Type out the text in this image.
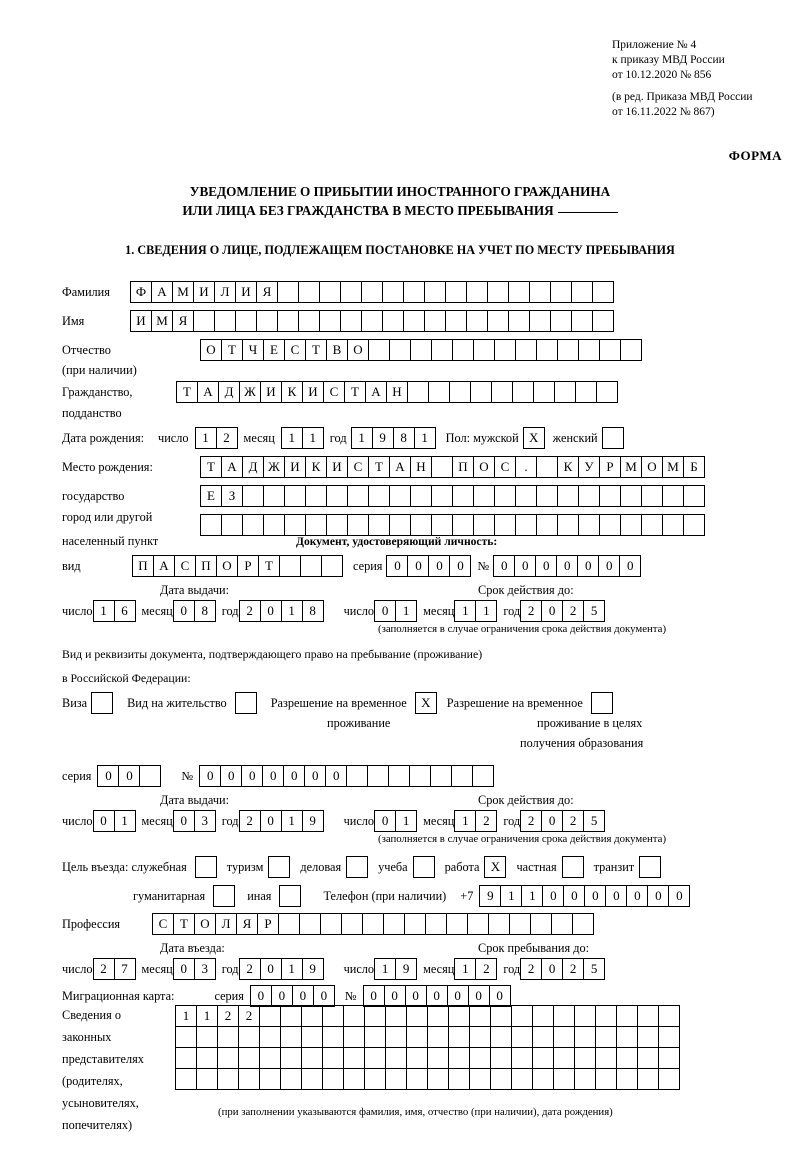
Приложение № 4
к приказу МВД России
от 10.12.2020 № 856
(в ред. Приказа МВД России
от 16.11.2022 № 867)
ФОРМА
УВЕДОМЛЕНИЕ О ПРИБЫТИИ ИНОСТРАННОГО ГРАЖДАНИНА
ИЛИ ЛИЦА БЕЗ ГРАЖДАНСТВА В МЕСТО ПРЕБЫВАНИЯ
1. СВЕДЕНИЯ О ЛИЦЕ, ПОДЛЕЖАЩЕМ ПОСТАНОВКЕ НА УЧЕТ ПО МЕСТУ ПРЕБЫВАНИЯ
Фамилия	Ф А М И Л И Я
Имя	И М Я
Отчество	О Т Ч Е С Т В О
(при наличии)
Гражданство,	Т А Д Ж И К И С Т А Н
подданство
Дата рождения: число	1	2	месяц	1	1	год 1	9	8	1	Пол: мужской Х	женский
Место рождения:	Т А Д Ж И К И С Т А Н	П О С	.	К У Р М О М Б
государство	Е	З
город или другой
населенный пункт	Документ, удостоверяющий личность:
вид	П А С П О Р	Т	серия 0	0	0	0	№ 0	0	0	0	0	0	0
Дата выдачи:	Срок действия до:
число 1	6	месяц 0	8	год 2	0	1	8	число 0	1	месяц 1	1	год 2	0	2	5
(заполняется в случае ограничения срока действия документа)
Вид и реквизиты документа, подтверждающего право на пребывание (проживание)
в Российской Федерации:
Виза	Вид на жительство	Разрешение на временное	Х	Разрешение на временное
проживание	проживание в целях
получения образования
серия	0	0	№	0	0	0	0	0	0	0
Дата выдачи:	Срок действия до:
число 0	1	месяц 0	3	год 2	0	1	9	число 0	1	месяц 1	2	год 2	0	2	5
(заполняется в случае ограничения срока действия документа)
Цель въезда: служебная	туризм	деловая	учеба	работа Х	частная	транзит
гуманитарная	иная	Телефон (при наличии) +7	9	1	1	0	0	0	0	0	0	0
Профессия	С Т О Л Я	Р
Дата въезда:	Срок пребывания до:
число 2	7	месяц 0	3	год 2	0	1	9	число 1	9	месяц 1	2	год 2	0	2	5
Миграционная карта:	серия	0	0	0	0	№	0	0	0	0	0	0	0
Сведения о
законных
представителях
(родителях,
усыновителях,
попечителях)
1	1	2	2
(при заполнении указываются фамилия, имя, отчество (при наличии), дата рождения)
